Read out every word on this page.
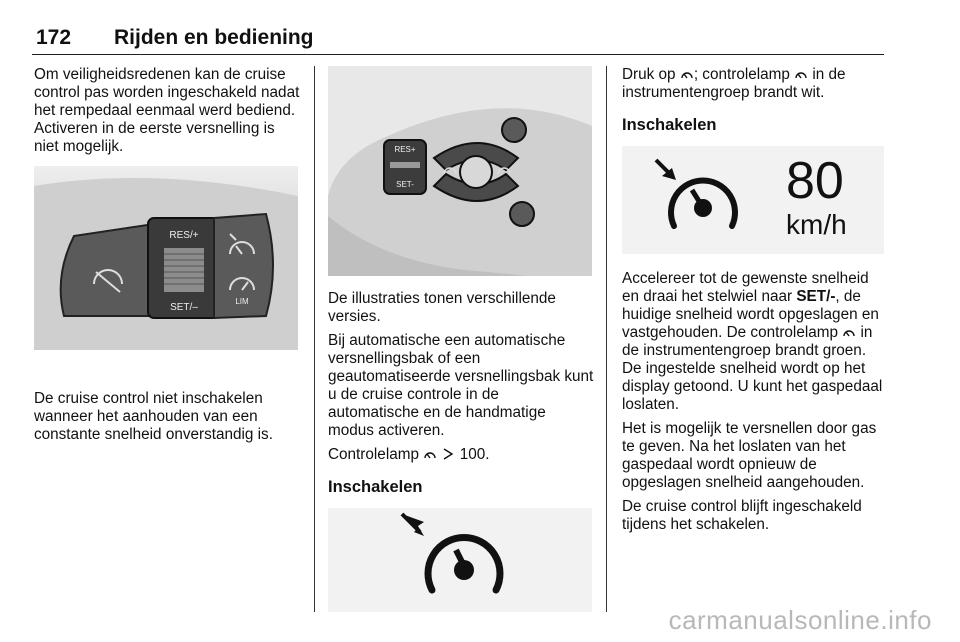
172 Rijden en bediening

Om veiligheidsredenen kan de cruise control pas worden ingeschakeld nadat het rempedaal eenmaal werd bediend. Activeren in de eerste versnelling is niet mogelijk.

RES/+
SET/–
LIM

De cruise control niet inschakelen wanneer het aanhouden van een constante snelheid onverstandig is.

RES+
SET-

De illustraties tonen verschillende versies.

Bij automatische een automatische versnellingsbak of een geautomatiseerde versnellingsbak kunt u de cruise controle in de automatische en de handmatige modus activeren.

Controlelamp	100.

Inschakelen

Druk op ; controlelamp in de instrumentengroep brandt wit.

Inschakelen
80
km/h

Accelereer tot de gewenste snelheid en draai het stelwiel naar SET/-, de huidige snelheid wordt opgeslagen en vastgehouden. De controlelamp in de instrumentengroep brandt groen. De ingestelde snelheid wordt op het display getoond. U kunt het gaspedaal loslaten.

Het is mogelijk te versnellen door gas te geven. Na het loslaten van het gaspedaal wordt opnieuw de opgeslagen snelheid aangehouden.

De cruise control blijft ingeschakeld tijdens het schakelen.

carmanualsonline.info
